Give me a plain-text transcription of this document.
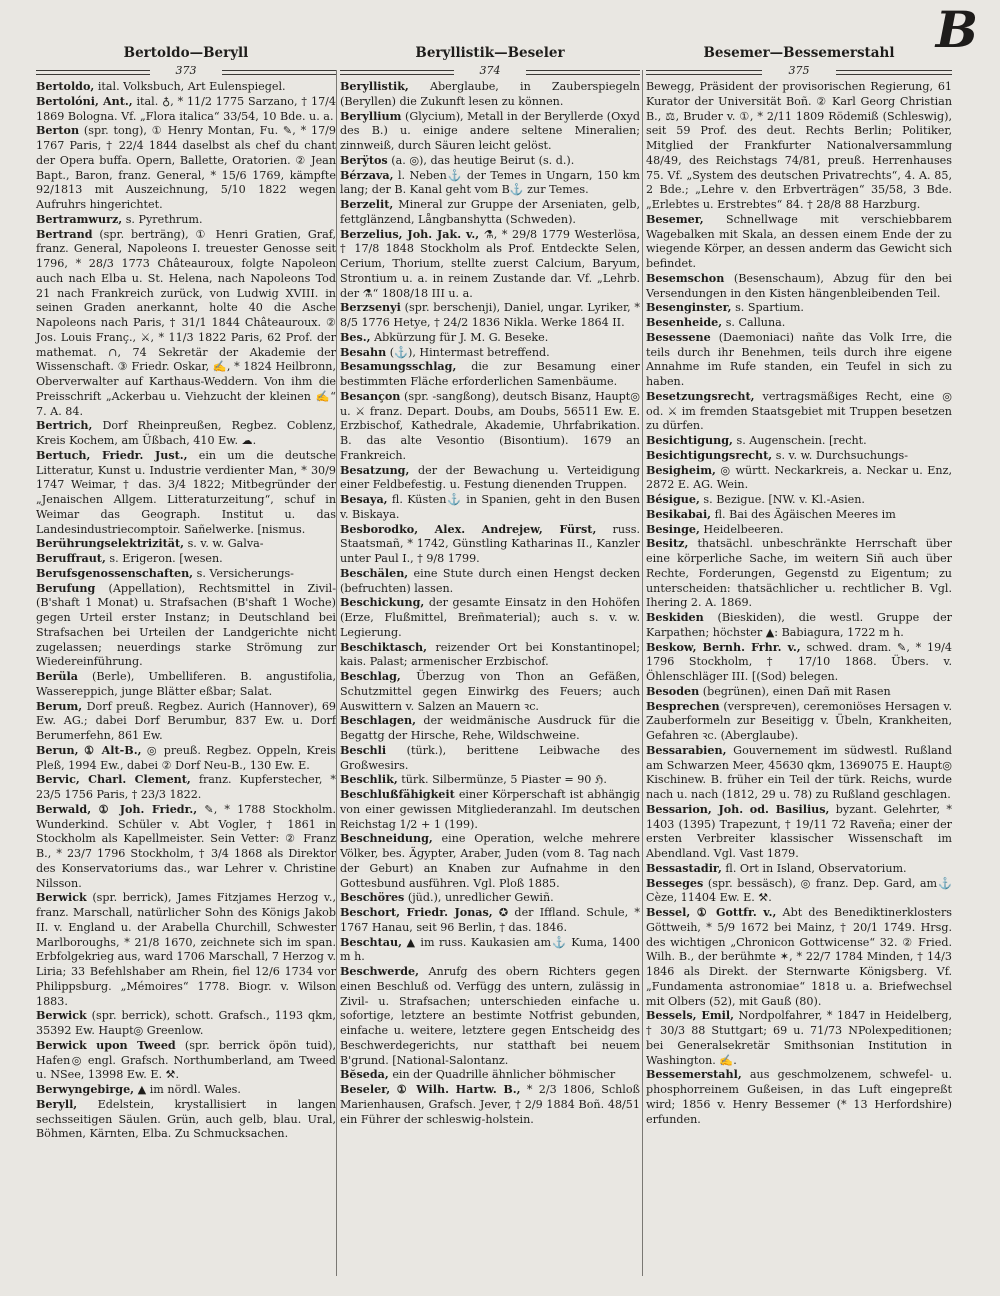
B
Bertoldo—Beryll
373

Bertoldo, ital. Volksbuch, Art Eulenspiegel.

Bertolóni, Ant., ital. ♁, * 11/2 1775 Sarzano, † 17/4 1869 Bologna. Vf. „Flora italica“ 33/54, 10 Bde. u. a.

Berton (spr. tong), ① Henry Montan, Fu. ✎, * 17/9 1767 Paris, † 22/4 1844 daselbst als chef du chant der Opera buffa. Opern, Ballette, Oratorien. ② Jean Bapt., Baron, franz. General, * 15/6 1769, kämpfte 92/1813 mit Auszeichnung, 5/10 1822 wegen Aufruhrs hingerichtet.

Bertramwurz, s. Pyrethrum.

Bertrand (spr. berträng), ① Henri Gratien, Graf, franz. General, Napoleons I. treuester Genosse seit 1796, * 28/3 1773 Châteauroux, folgte Napoleon auch nach Elba u. St. Helena, nach Napoleons Tod 21 nach Frankreich zurück, von Ludwig XVIII. in seinen Graden anerkannt, holte 40 die Asche Napoleons nach Paris, † 31/1 1844 Châteauroux. ② Jos. Louis Franç., ⚔, * 11/3 1822 Paris, 62 Prof. der mathemat. ∩, 74 Sekretär der Akademie der Wissenschaft. ③ Friedr. Oskar, ✍, * 1824 Heilbronn, Oberverwalter auf Karthaus-Weddern. Von ihm die Preisschrift „Ackerbau u. Viehzucht der kleinen ✍“ 7. A. 84.

Bertrich, Dorf Rheinpreußen, Regbez. Coblenz, Kreis Kochem, am Üßbach, 410 Ew. ☁.

Bertuch, Friedr. Just., ein um die deutsche Litteratur, Kunst u. Industrie verdienter Man, * 30/9 1747 Weimar, † das. 3/4 1822; Mitbegründer der „Jenaischen Allgem. Litteraturzeitung“, schuf in Weimar das Geograph. Institut u. das Landesindustriecomptoir. Sañelwerke. [nismus.

Berührungselektrizität, s. v. w. Galva-

Beruffraut, s. Erigeron. [wesen.

Berufsgenossenschaften, s. Versicherungs-

Berufung (Appellation), Rechtsmittel in Zivil- (B'shaft 1 Monat) u. Strafsachen (B'shaft 1 Woche) gegen Urteil erster Instanz; in Deutschland bei Strafsachen bei Urteilen der Landgerichte nicht zugelassen; neuerdings starke Strömung zur Wiedereinführung.

Berüla (Berle), Umbelliferen. B. angustifolia, Wassereppich, junge Blätter eßbar; Salat.

Berum, Dorf preuß. Regbez. Aurich (Hannover), 69 Ew. AG.; dabei Dorf Berumbur, 837 Ew. u. Dorf Berumerfehn, 861 Ew.

Berun, ① Alt-B., ◎ preuß. Regbez. Oppeln, Kreis Pleß, 1994 Ew., dabei ② Dorf Neu-B., 130 Ew. E.

Bervic, Charl. Clement, franz. Kupferstecher, * 23/5 1756 Paris, † 23/3 1822.

Berwald, ① Joh. Friedr., ✎, * 1788 Stockholm. Wunderkind. Schüler v. Abt Vogler, † 1861 in Stockholm als Kapellmeister. Sein Vetter: ② Franz B., * 23/7 1796 Stockholm, † 3/4 1868 als Direktor des Konservatoriums das., war Lehrer v. Christine Nilsson.

Berwick (spr. berrick), James Fitzjames Herzog v., franz. Marschall, natürlicher Sohn des Königs Jakob II. v. England u. der Arabella Churchill, Schwester Marlboroughs, * 21/8 1670, zeichnete sich im span. Erbfolgekrieg aus, ward 1706 Marschall, 7 Herzog v. Liria; 33 Befehlshaber am Rhein, fiel 12/6 1734 vor Philippsburg. „Mémoires“ 1778. Biogr. v. Wilson 1883.

Berwick (spr. berrick), schott. Grafsch., 1193 qkm, 35392 Ew. Haupt◎ Greenlow.

Berwick upon Tweed (spr. berrick öpön tuid), Hafen◎ engl. Grafsch. Northumberland, am Tweed u. NSee, 13998 Ew. E. ⚒.

Berwyngebirge, ▲ im nördl. Wales.

Beryll, Edelstein, krystallisiert in langen sechsseitigen Säulen. Grün, auch gelb, blau. Ural, Böhmen, Kärnten, Elba. Zu Schmucksachen.

Beryllistik—Beseler
374

Beryllistik, Aberglaube, in Zauberspiegeln (Beryllen) die Zukunft lesen zu können.

Beryllium (Glycium), Metall in der Beryllerde (Oxyd des B.) u. einige andere seltene Mineralien; zinnweiß, durch Säuren leicht gelöst.

Berÿtos (a. ◎), das heutige Beirut (s. d.).

Bérzava, l. Neben⚓ der Temes in Ungarn, 150 km lang; der B. Kanal geht vom B⚓ zur Temes.

Berzelit, Mineral zur Gruppe der Arseniaten, gelb, fettglänzend, Långbanshytta (Schweden).

Berzelius, Joh. Jak. v., ⚗, * 29/8 1779 Westerlösa, † 17/8 1848 Stockholm als Prof. Entdeckte Selen, Cerium, Thorium, stellte zuerst Calcium, Baryum, Strontium u. a. in reinem Zustande dar. Vf. „Lehrb. der ⚗“ 1808/18 III u. a.

Berzsenyi (spr. berschenji), Daniel, ungar. Lyriker, * 8/5 1776 Hetye, † 24/2 1836 Nikla. Werke 1864 II.

Bes., Abkürzung für J. M. G. Beseke.

Besahn (⚓), Hintermast betreffend.

Besamungsschlag, die zur Besamung einer bestimmten Fläche erforderlichen Samenbäume.

Besançon (spr. -sangßong), deutsch Bisanz, Haupt◎ u. ⚔ franz. Depart. Doubs, am Doubs, 56511 Ew. E. Erzbischof, Kathedrale, Akademie, Uhrfabrikation. B. das alte Vesontio (Bisontium). 1679 an Frankreich.

Besatzung, der der Bewachung u. Verteidigung einer Feldbefestig. u. Festung dienenden Truppen.

Besaya, fl. Küsten⚓ in Spanien, geht in den Busen v. Biskaya.

Besborodko, Alex. Andrejew, Fürst, russ. Staatsmañ, * 1742, Günstling Katharinas II., Kanzler unter Paul I., † 9/8 1799.

Beschälen, eine Stute durch einen Hengst decken (befruchten) lassen.

Beschickung, der gesamte Einsatz in den Hohöfen (Erze, Flußmittel, Breñmaterial); auch s. v. w. Legierung.

Beschiktasch, reizender Ort bei Konstantinopel; kais. Palast; armenischer Erzbischof.

Beschlag, Überzug von Thon an Gefäßen, Schutzmittel gegen Einwirkg des Feuers; auch Auswittern v. Salzen an Mauern ꝛc.

Beschlagen, der weidmänische Ausdruck für die Begattg der Hirsche, Rehe, Wildschweine.

Beschli (türk.), berittene Leibwache des Großwesirs.

Beschlik, türk. Silbermünze, 5 Piaster = 90 ℌ.

Beschlußfähigkeit einer Körperschaft ist abhängig von einer gewissen Mitgliederanzahl. Im deutschen Reichstag 1/2 + 1 (199).

Beschneidung, eine Operation, welche mehrere Völker, bes. Ägypter, Araber, Juden (vom 8. Tag nach der Geburt) an Knaben zur Aufnahme in den Gottesbund ausführen. Vgl. Ploß 1885.

Beschöres (jüd.), unredlicher Gewiñ.

Beschort, Friedr. Jonas, ✪ der Iffland. Schule, * 1767 Hanau, seit 96 Berlin, † das. 1846.

Beschtau, ▲ im russ. Kaukasien am⚓ Kuma, 1400 m h.

Beschwerde, Anrufg des obern Richters gegen einen Beschluß od. Verfügg des untern, zulässig in Zivil- u. Strafsachen; unterschieden einfache u. sofortige, letztere an bestimte Notfrist gebunden, einfache u. weitere, letztere gegen Entscheidg des Beschwerdegerichts, nur statthaft bei neuem B'grund. [National-Salontanz.

Bĕseda, ein der Quadrille ähnlicher böhmischer

Beseler, ① Wilh. Hartw. B., * 2/3 1806, Schloß Marienhausen, Grafsch. Jever, † 2/9 1884 Boñ. 48/51 ein Führer der schleswig-holstein.

Besemer—Bessemerstahl
375

Bewegg, Präsident der provisorischen Regierung, 61 Kurator der Universität Boñ. ② Karl Georg Christian B., ⚖, Bruder v. ①, * 2/11 1809 Rödemiß (Schleswig), seit 59 Prof. des deut. Rechts Berlin; Politiker, Mitglied der Frankfurter Nationalversammlung 48/49, des Reichstags 74/81, preuß. Herrenhauses 75. Vf. „System des deutschen Privatrechts“, 4. A. 85, 2 Bde.; „Lehre v. den Erbverträgen“ 35/58, 3 Bde. „Erlebtes u. Erstrebtes“ 84. † 28/8 88 Harzburg.

Besemer, Schnellwage mit verschiebbarem Wagebalken mit Skala, an dessen einem Ende der zu wiegende Körper, an dessen anderm das Gewicht sich befindet.

Besemschon (Besenschaum), Abzug für den bei Versendungen in den Kisten hängenbleibenden Teil.

Besenginster, s. Spartium.

Besenheide, s. Calluna.

Besessene (Daemoniaci) nañte das Volk Irre, die teils durch ihr Benehmen, teils durch ihre eigene Annahme im Rufe standen, ein Teufel in sich zu haben.

Besetzungsrecht, vertragsmäßiges Recht, eine ◎ od. ⚔ im fremden Staatsgebiet mit Truppen besetzen zu dürfen.

Besichtigung, s. Augenschein. [recht.

Besichtigungsrecht, s. v. w. Durchsuchungs-

Besigheim, ◎ württ. Neckarkreis, a. Neckar u. Enz, 2872 E. AG. Wein.

Bésigue, s. Bezigue. [NW. v. Kl.-Asien.

Besikabai, fl. Bai des Ägäischen Meeres im

Besinge, Heidelbeeren.

Besitz, thatsächl. unbeschränkte Herrschaft über eine körperliche Sache, im weitern Siñ auch über Rechte, Forderungen, Gegenstd zu Eigentum; zu unterscheiden: thatsächlicher u. rechtlicher B. Vgl. Ihering 2. A. 1869.

Beskiden (Bieskiden), die westl. Gruppe der Karpathen; höchster ▲: Babiagura, 1722 m h.

Beskow, Bernh. Frhr. v., schwed. dram. ✎, * 19/4 1796 Stockholm, † 17/10 1868. Übers. v. Öhlenschläger III. [(Sod) belegen.

Besoden (begrünen), einen Dañ mit Rasen

Besprechen (verspreчen), ceremoniöses Hersagen v. Zauberformeln zur Beseitigg v. Übeln, Krankheiten, Gefahren ꝛc. (Aberglaube).

Bessarabien, Gouvernement im südwestl. Rußland am Schwarzen Meer, 45630 qkm, 1369075 E. Haupt◎ Kischinew. B. früher ein Teil der türk. Reichs, wurde nach u. nach (1812, 29 u. 78) zu Rußland geschlagen.

Bessarion, Joh. od. Basilius, byzant. Gelehrter, * 1403 (1395) Trapezunt, † 19/11 72 Raveña; einer der ersten Verbreiter klassischer Wissenschaft im Abendland. Vgl. Vast 1879.

Bessastadir, fl. Ort in Island, Observatorium.

Besseges (spr. bessäsch), ◎ franz. Dep. Gard, am⚓ Cèze, 11404 Ew. E. ⚒.

Bessel, ① Gottfr. v., Abt des Benediktinerklosters Göttweih, * 5/9 1672 bei Mainz, † 20/1 1749. Hrsg. des wichtigen „Chronicon Gottwicense“ 32. ② Fried. Wilh. B., der berühmte ✶, * 22/7 1784 Minden, † 14/3 1846 als Direkt. der Sternwarte Königsberg. Vf. „Fundamenta astronomiae“ 1818 u. a. Briefwechsel mit Olbers (52), mit Gauß (80).

Bessels, Emil, Nordpolfahrer, * 1847 in Heidelberg, † 30/3 88 Stuttgart; 69 u. 71/73 NPolexpeditionen; bei Generalsekretär Smithsonian Institution in Washington. ✍.

Bessemerstahl, aus geschmolzenem, schwefel- u. phosphorreinem Gußeisen, in das Luft eingepreßt wird; 1856 v. Henry Bessemer (* 13 Herfordshire) erfunden.
